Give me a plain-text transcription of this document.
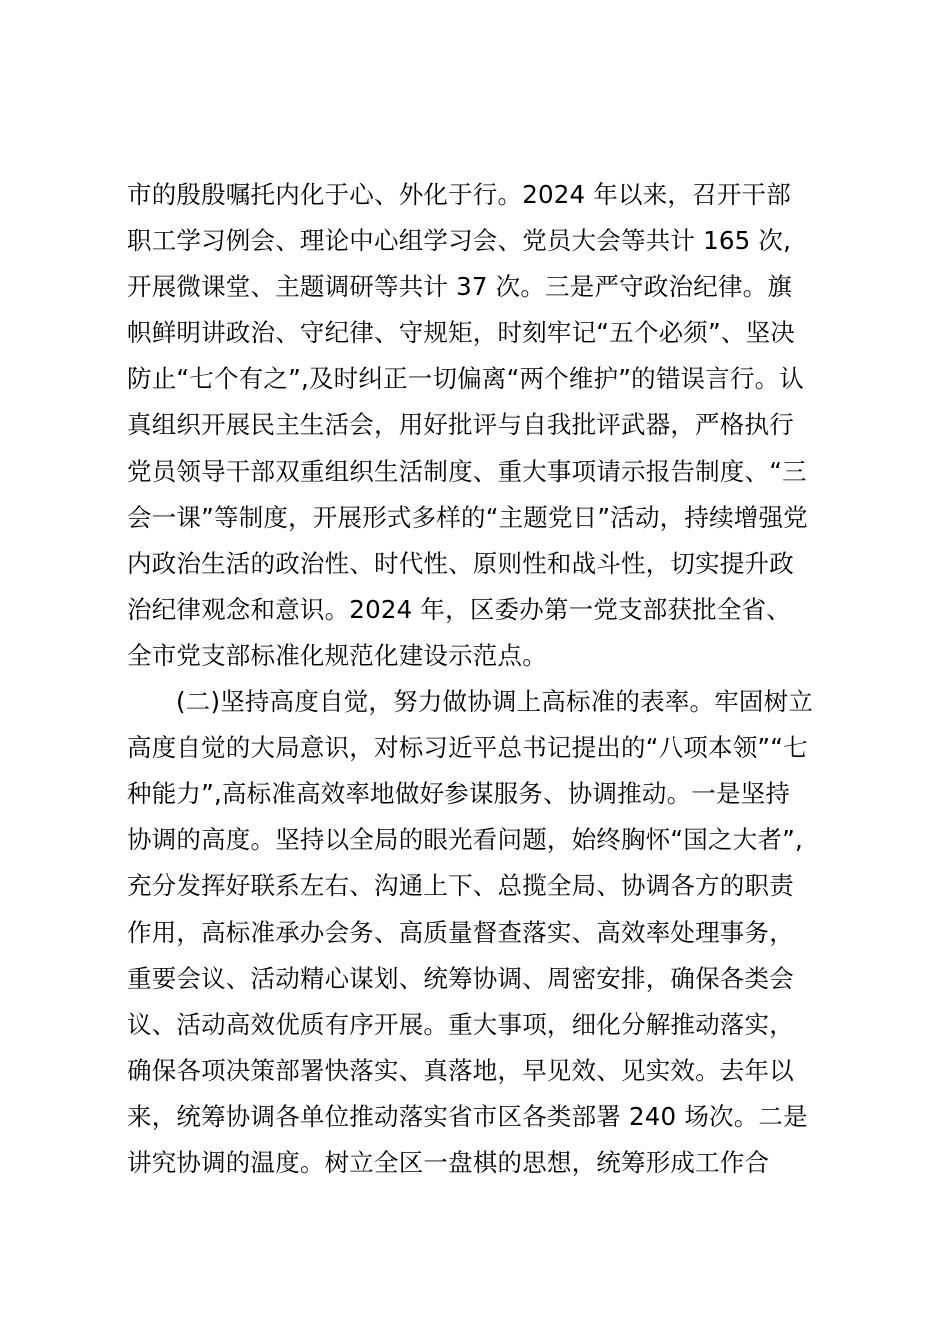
市的殷殷嘱托内化于心、外化于行。2024 年以来，召开干部
职工学习例会、理论中心组学习会、党员大会等共计 165 次,
开展微课堂、主题调研等共计 37 次。三是严守政治纪律。旗
帜鲜明讲政治、守纪律、守规矩，时刻牢记“五个必须”、坚决
防止“七个有之”,及时纠正一切偏离“两个维护”的错误言行。认
真组织开展民主生活会，用好批评与自我批评武器，严格执行
党员领导干部双重组织生活制度、重大事项请示报告制度、“三
会一课”等制度，开展形式多样的“主题党日”活动，持续增强党
内政治生活的政治性、时代性、原则性和战斗性，切实提升政
治纪律观念和意识。2024 年，区委办第一党支部获批全省、
全市党支部标准化规范化建设示范点。
(二)坚持高度自觉，努力做协调上高标准的表率。牢固树立
高度自觉的大局意识，对标习近平总书记提出的“八项本领”“七
种能力”,高标准高效率地做好参谋服务、协调推动。一是坚持
协调的高度。坚持以全局的眼光看问题，始终胸怀“国之大者”,
充分发挥好联系左右、沟通上下、总揽全局、协调各方的职责
作用，高标准承办会务、高质量督查落实、高效率处理事务，
重要会议、活动精心谋划、统筹协调、周密安排，确保各类会
议、活动高效优质有序开展。重大事项，细化分解推动落实，
确保各项决策部署快落实、真落地，早见效、见实效。去年以
来，统筹协调各单位推动落实省市区各类部署 240 场次。二是
讲究协调的温度。树立全区一盘棋的思想，统筹形成工作合
